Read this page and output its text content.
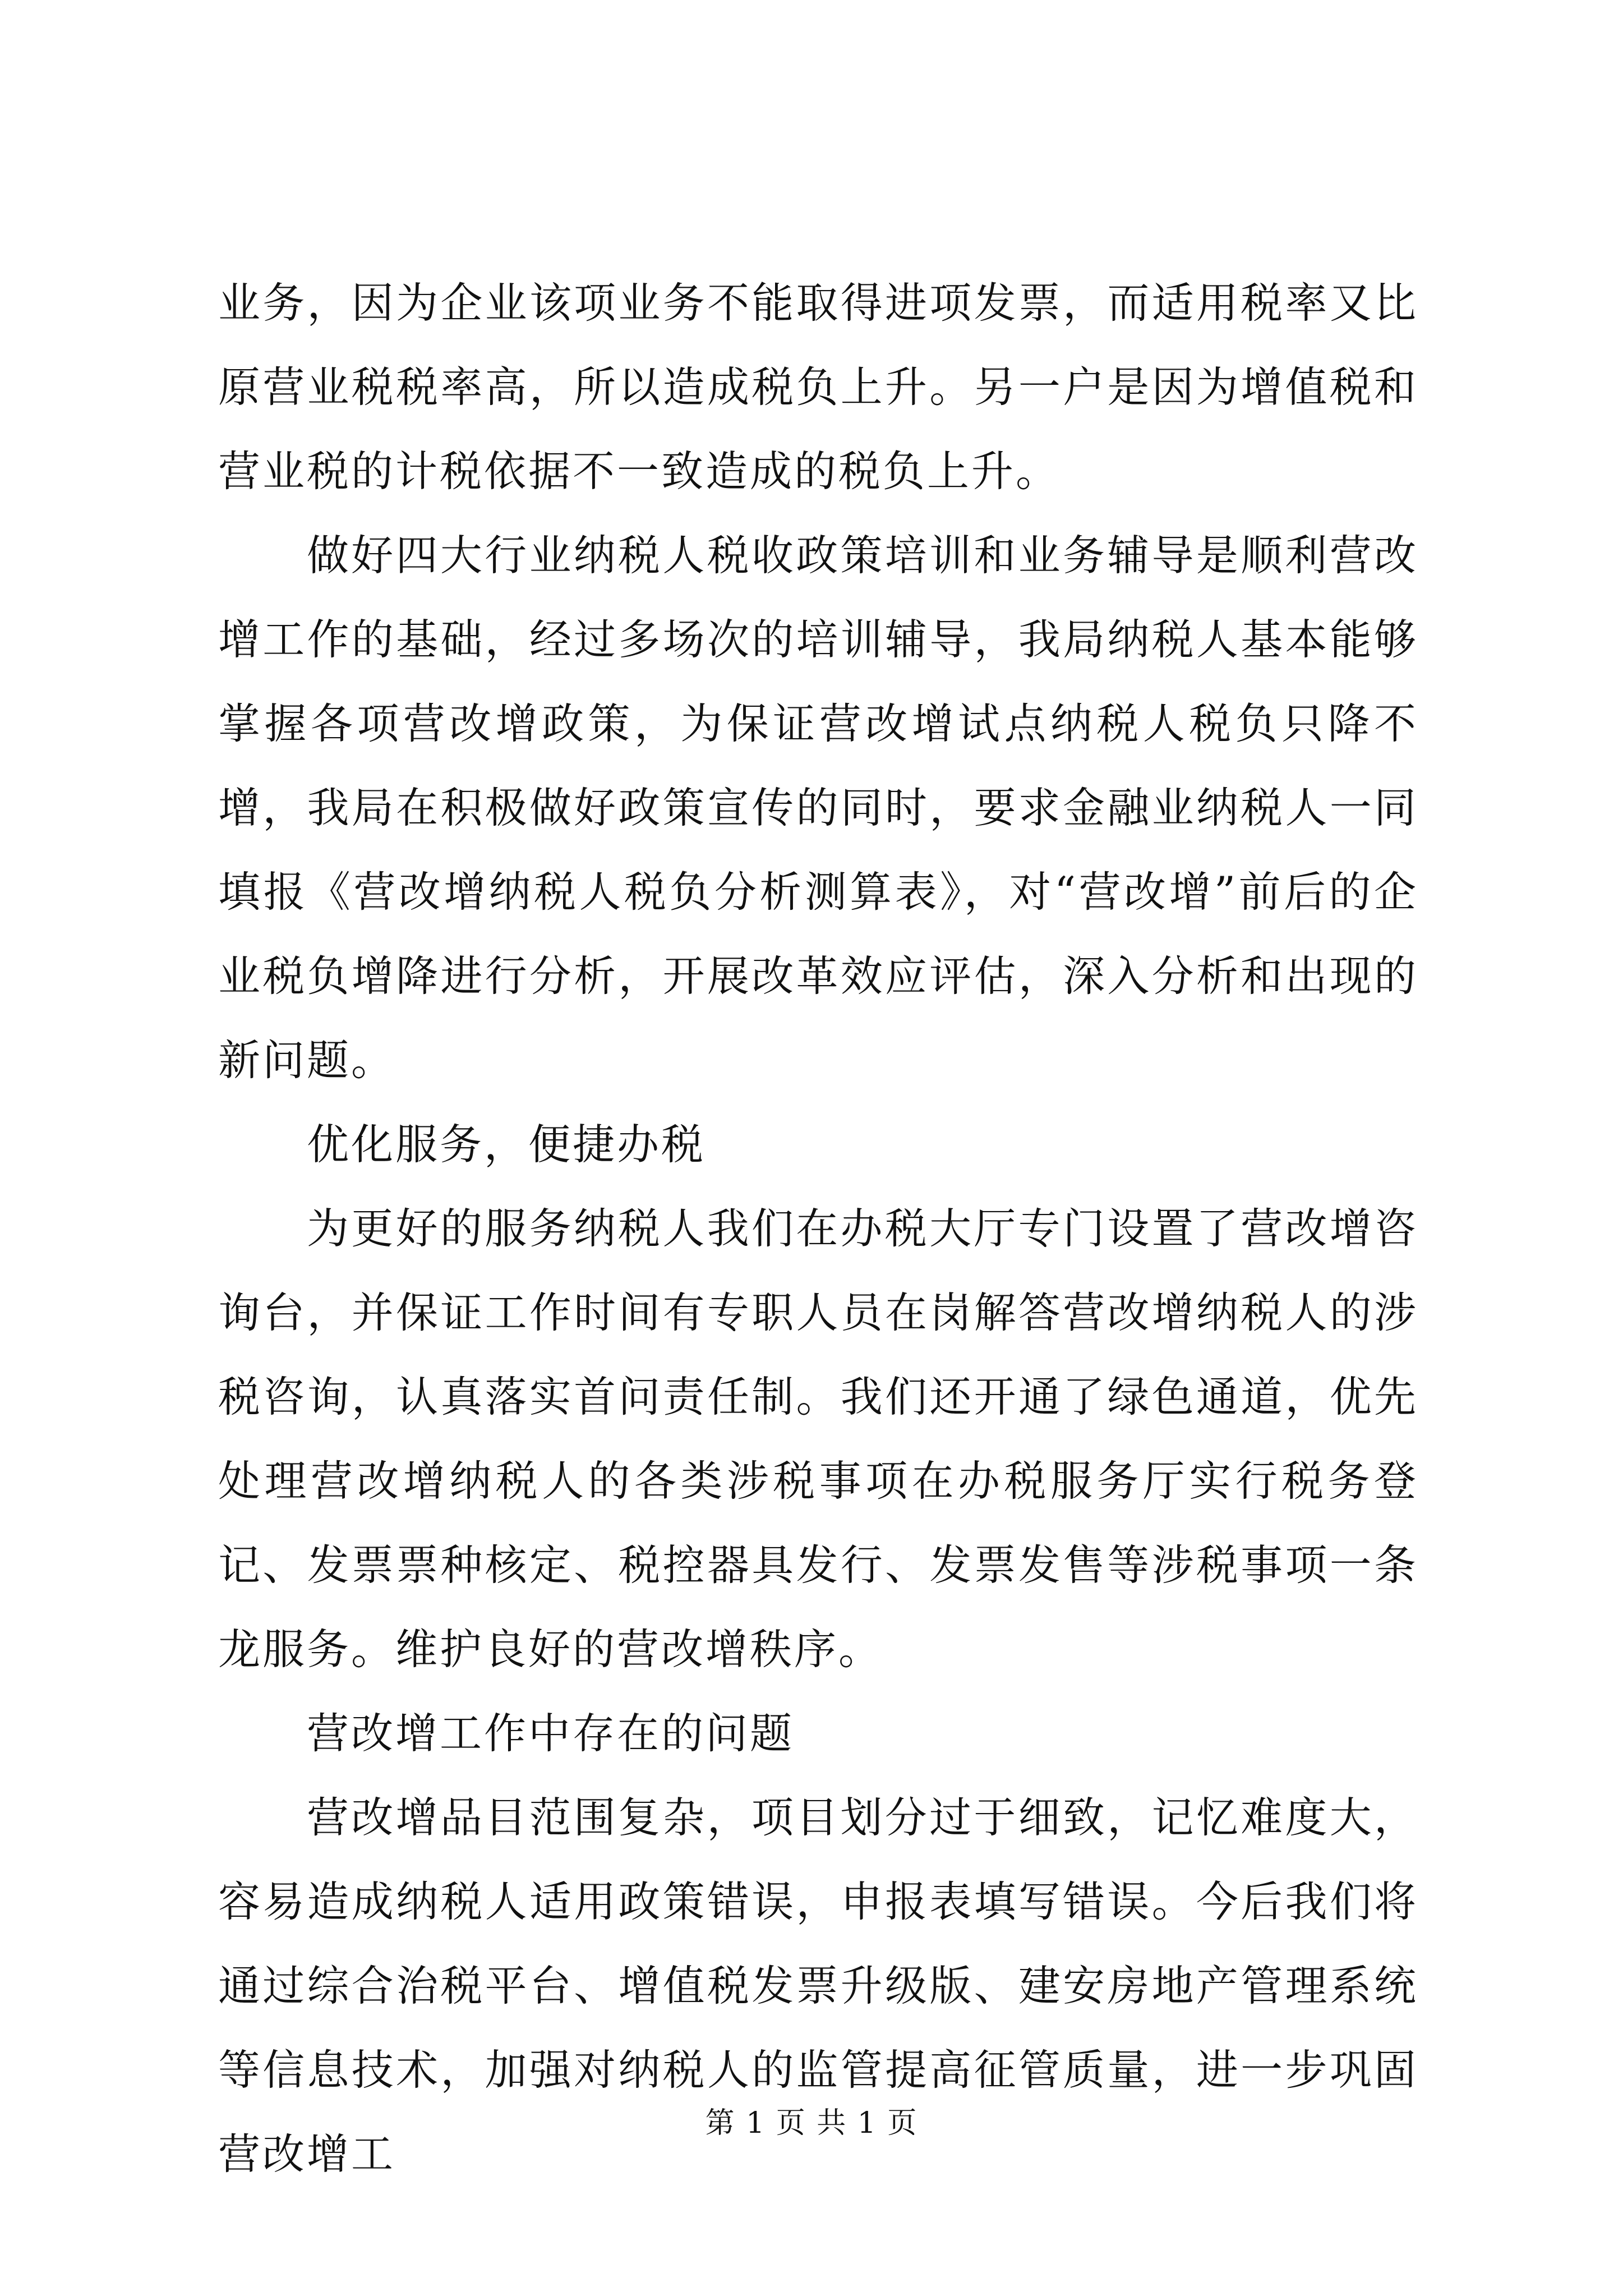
业务，因为企业该项业务不能取得进项发票，而适用税率又比原营业税税率高，所以造成税负上升。另一户是因为增值税和营业税的计税依据不一致造成的税负上升。

做好四大行业纳税人税收政策培训和业务辅导是顺利营改增工作的基础，经过多场次的培训辅导，我局纳税人基本能够掌握各项营改增政策，为保证营改增试点纳税人税负只降不增，我局在积极做好政策宣传的同时，要求金融业纳税人一同填报《营改增纳税人税负分析测算表》，对“营改增”前后的企业税负增降进行分析，开展改革效应评估，深入分析和出现的新问题。

优化服务，便捷办税

为更好的服务纳税人我们在办税大厅专门设置了营改增咨询台，并保证工作时间有专职人员在岗解答营改增纳税人的涉税咨询，认真落实首问责任制。我们还开通了绿色通道，优先处理营改增纳税人的各类涉税事项在办税服务厅实行税务登记、发票票种核定、税控器具发行、发票发售等涉税事项一条龙服务。维护良好的营改增秩序。

营改增工作中存在的问题

营改增品目范围复杂，项目划分过于细致，记忆难度大，容易造成纳税人适用政策错误，申报表填写错误。今后我们将通过综合治税平台、增值税发票升级版、建安房地产管理系统等信息技术，加强对纳税人的监管提高征管质量，进一步巩固营改增工

第 1 页 共 1 页
